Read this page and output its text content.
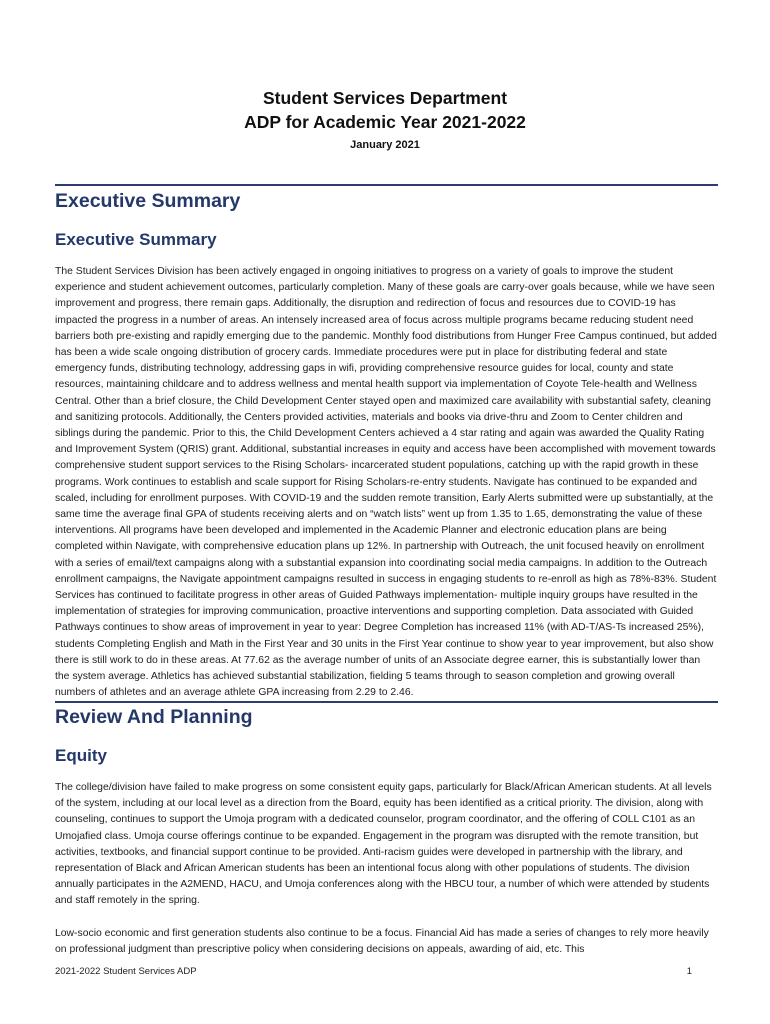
Student Services Department
ADP for Academic Year 2021-2022
January 2021
Executive Summary
Executive Summary

The Student Services Division has been actively engaged in ongoing initiatives to progress on a variety of goals to improve the student experience and student achievement outcomes, particularly completion. Many of these goals are carry-over goals because, while we have seen improvement and progress, there remain gaps. Additionally, the disruption and redirection of focus and resources due to COVID-19 has impacted the progress in a number of areas. An intensely increased area of focus across multiple programs became reducing student need barriers both pre-existing and rapidly emerging due to the pandemic. Monthly food distributions from Hunger Free Campus continued, but added has been a wide scale ongoing distribution of grocery cards. Immediate procedures were put in place for distributing federal and state emergency funds, distributing technology, addressing gaps in wifi, providing comprehensive resource guides for local, county and state resources, maintaining childcare and to address wellness and mental health support via implementation of Coyote Tele-health and Wellness Central. Other than a brief closure, the Child Development Center stayed open and maximized care availability with substantial safety, cleaning and sanitizing protocols. Additionally, the Centers provided activities, materials and books via drive-thru and Zoom to Center children and siblings during the pandemic. Prior to this, the Child Development Centers achieved a 4 star rating and again was awarded the Quality Rating and Improvement System (QRIS) grant. Additional, substantial increases in equity and access have been accomplished with movement towards comprehensive student support services to the Rising Scholars- incarcerated student populations, catching up with the rapid growth in these programs. Work continues to establish and scale support for Rising Scholars-re-entry students. Navigate has continued to be expanded and scaled, including for enrollment purposes. With COVID-19 and the sudden remote transition, Early Alerts submitted were up substantially, at the same time the average final GPA of students receiving alerts and on “watch lists” went up from 1.35 to 1.65, demonstrating the value of these interventions. All programs have been developed and implemented in the Academic Planner and electronic education plans are being completed within Navigate, with comprehensive education plans up 12%. In partnership with Outreach, the unit focused heavily on enrollment with a series of email/text campaigns along with a substantial expansion into coordinating social media campaigns. In addition to the Outreach enrollment campaigns, the Navigate appointment campaigns resulted in success in engaging students to re-enroll as high as 78%-83%. Student Services has continued to facilitate progress in other areas of Guided Pathways implementation- multiple inquiry groups have resulted in the implementation of strategies for improving communication, proactive interventions and supporting completion. Data associated with Guided Pathways continues to show areas of improvement in year to year: Degree Completion has increased 11% (with AD-T/AS-Ts increased 25%), students Completing English and Math in the First Year and 30 units in the First Year continue to show year to year improvement, but also show there is still work to do in these areas. At 77.62 as the average number of units of an Associate degree earner, this is substantially lower than the system average. Athletics has achieved substantial stabilization, fielding 5 teams through to season completion and growing overall numbers of athletes and an average athlete GPA increasing from 2.29 to 2.46.

Review And Planning
Equity

The college/division have failed to make progress on some consistent equity gaps, particularly for Black/African American students. At all levels of the system, including at our local level as a direction from the Board, equity has been identified as a critical priority. The division, along with counseling, continues to support the Umoja program with a dedicated counselor, program coordinator, and the offering of COLL C101 as an Umojafied class. Umoja course offerings continue to be expanded. Engagement in the program was disrupted with the remote transition, but activities, textbooks, and financial support continue to be provided. Anti-racism guides were developed in partnership with the library, and representation of Black and African American students has been an intentional focus along with other populations of students. The division annually participates in the A2MEND, HACU, and Umoja conferences along with the HBCU tour, a number of which were attended by students and staff remotely in the spring.

Low-socio economic and first generation students also continue to be a focus. Financial Aid has made a series of changes to rely more heavily on professional judgment than prescriptive policy when considering decisions on appeals, awarding of aid, etc. This

2021-2022 Student Services ADP	1
